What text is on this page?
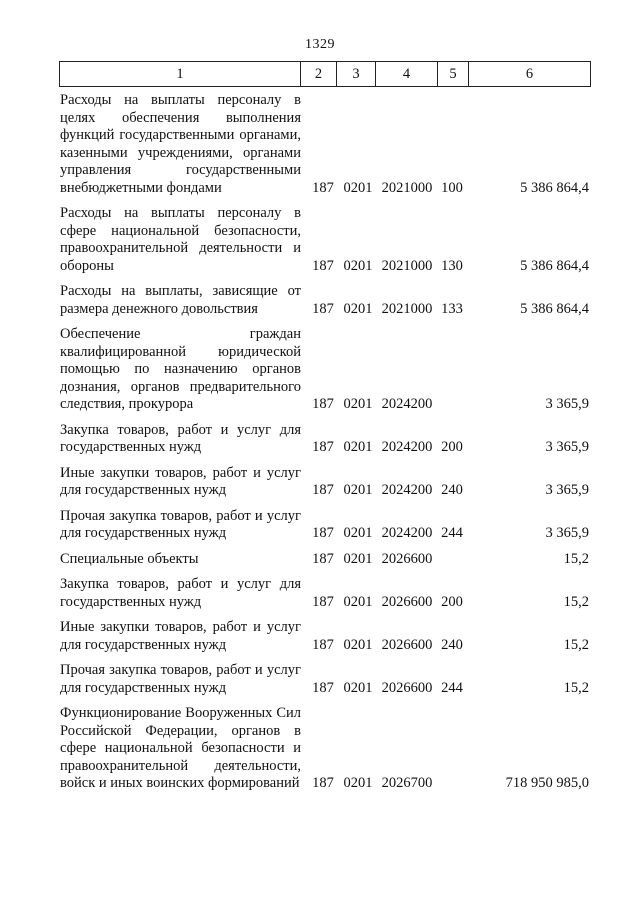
1329
1	2	3	4	5	6
Расходы на выплаты персоналу в целях обеспечения выполнения функций государственными органами, казенными учреждениями, органами управления государственными внебюджетными фондами	187 0201 2021000 100	5 386 864,4
Расходы на выплаты персоналу в сфере национальной безопасности, правоохранительной деятельности и обороны	187 0201 2021000 130	5 386 864,4
Расходы на выплаты, зависящие от размера денежного довольствия	187 0201 2021000 133	5 386 864,4
Обеспечение граждан квалифицированной юридической помощью по назначению органов дознания, органов предварительного следствия, прокурора	187 0201 2024200	3 365,9
Закупка товаров, работ и услуг для государственных нужд	187 0201 2024200 200	3 365,9
Иные закупки товаров, работ и услуг для государственных нужд	187 0201 2024200 240	3 365,9
Прочая закупка товаров, работ и услуг для государственных нужд	187 0201 2024200 244	3 365,9
Специальные объекты	187 0201 2026600	15,2
Закупка товаров, работ и услуг для государственных нужд	187 0201 2026600 200	15,2
Иные закупки товаров, работ и услуг для государственных нужд	187 0201 2026600 240	15,2
Прочая закупка товаров, работ и услуг для государственных нужд	187 0201 2026600 244	15,2
Функционирование Вооруженных Сил Российской Федерации, органов в сфере национальной безопасности и правоохранительной деятельности, войск и иных воинских формирований 187 0201 2026700	718 950 985,0
